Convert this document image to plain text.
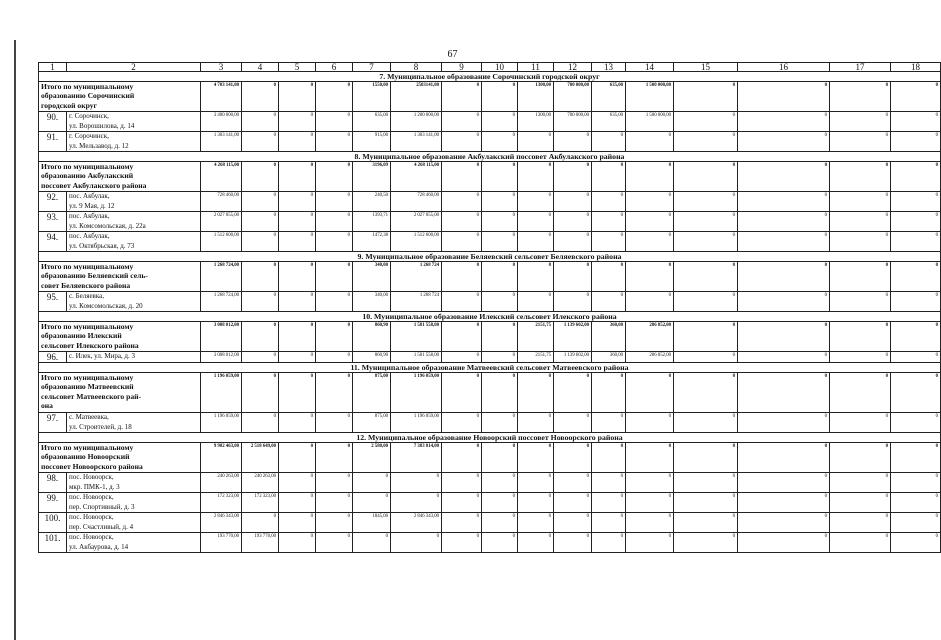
67
1	2	3	4	5	6	7	8	9	10	11	12	13	14	15	16	17	18
7. Муниципальное образование Сорочинский городской округ																	

Итого по муниципальному
образованию Сорочинский
городской округ		4 703 141,00	0	0	0	1550,00	2503141,00	0	0	1300,00	700 000,00	635,00	1 500 000,00	0	0	0	0
90.	г. Сорочинск,
ул. Ворошилова, д. 14	3 400 000,00	0	0	0	635,00	1 200 000,00	0	0	1300,00	700 000,00	635,00	1 500 000,00	0	0	0	0
91.	г. Сорочинск,
ул. Мельзавод, д. 12	1 303 141,00	0	0	0	915,00	1 303 141,00	0	0	0	0	0	0	0	0	0	0
8. Муниципальное образование Акбулакский поссовет Акбулакского района																	

Итого по муниципальному
образованию Акбулакский
поссовет Акбулакского района		4 268 115,00	0	0	0	3196,09	4 268 115,00	0	0	0	0	0	0	0	0	0	0
92.	пос. Акбулак,
ул. 9 Мая, д. 12	728 460,00	0	0	0	240,50	728 460,00	0	0	0	0	0	0	0	0	0	0
93.	пос. Акбулак,
ул. Комсомольская, д. 22а	2 027 055,00	0	0	0	1393,71	2 027 055,00	0	0	0	0	0	0	0	0	0	0
94.	пос. Акбулак,
ул. Октябрьская, д. 73	1 512 600,00	0	0	0	1472,38	1 512 600,00	0	0	0	0	0	0	0	0	0	0
9. Муниципальное образование Беляевский сельсовет Беляевского района																	

Итого по муниципальному
образованию Беляевский сель-
совет Беляевского района		1 268 724,00	0	0	0	340,00	1 268 724	0	0	0	0	0	0	0	0	0	0
95.	с. Беляевка,
ул. Комсомольская, д. 20	1 268 724,00	0	0	0	340,00	1 268 724	0	0	0	0	0	0	0	0	0	0
10. Муниципальное образование Илекский сельсовет Илекского района																	

Итого по муниципальному
образованию Илекский
сельсовет Илекского района		3 008 012,00	0	0	0	860,90	1 581 558,00	0	0	2151,75	1 139 602,00	360,00	286 852,00	0	0	0	0
96.	с. Илек, ул. Мира, д. 3	3 008 012,00	0	0	0	860,90	1 581 558,00	0	0	2151,75	1 139 602,00	360,00	286 852,00	0	0	0	0
11. Муниципальное образование Матвеевский сельсовет Матвеевского района																	

Итого по муниципальному
образованию Матвеевский
сельсовет Матвеевского рай-
она		1 196 059,00	0	0	0	875,00	1 196 059,00	0	0	0	0	0	0	0	0	0	0
97.	с. Матвеевка,
ул. Строителей, д. 18	1 196 059,00	0	0	0	875,00	1 196 059,00	0	0	0	0	0	0	0	0	0	0
12. Муниципальное образование Новоорский поссовет Новоорского района																	

Итого по муниципальному
образованию Новоорский
поссовет Новоорского района		9 902 463,00	2 518 649,00	0	0	2 580,00	7 383 814,00	0	0	0	0	0	0	0	0	0	0
98.	пос. Новоорск,
мкр. ПМК-1, д. 3	240 263,00	240 263,00	0	0	0	0	0	0	0	0	0	0	0	0	0	0
99.	пос. Новоорск,
пер. Спортивный, д. 3	172 323,00	172 323,00	0	0	0	0	0	0	0	0	0	0	0	0	0	0
100.	пос. Новоорск,
пер. Счастливый, д. 4	2 846 343,00	0	0	0	1845,00	2 846 343,00	0	0	0	0	0	0	0	0	0	0
101.	пос. Новоорск,
ул. Акбаурова, д. 14	193 770,00	193 770,00	0	0	0	0	0	0	0	0	0	0	0	0	0	0
